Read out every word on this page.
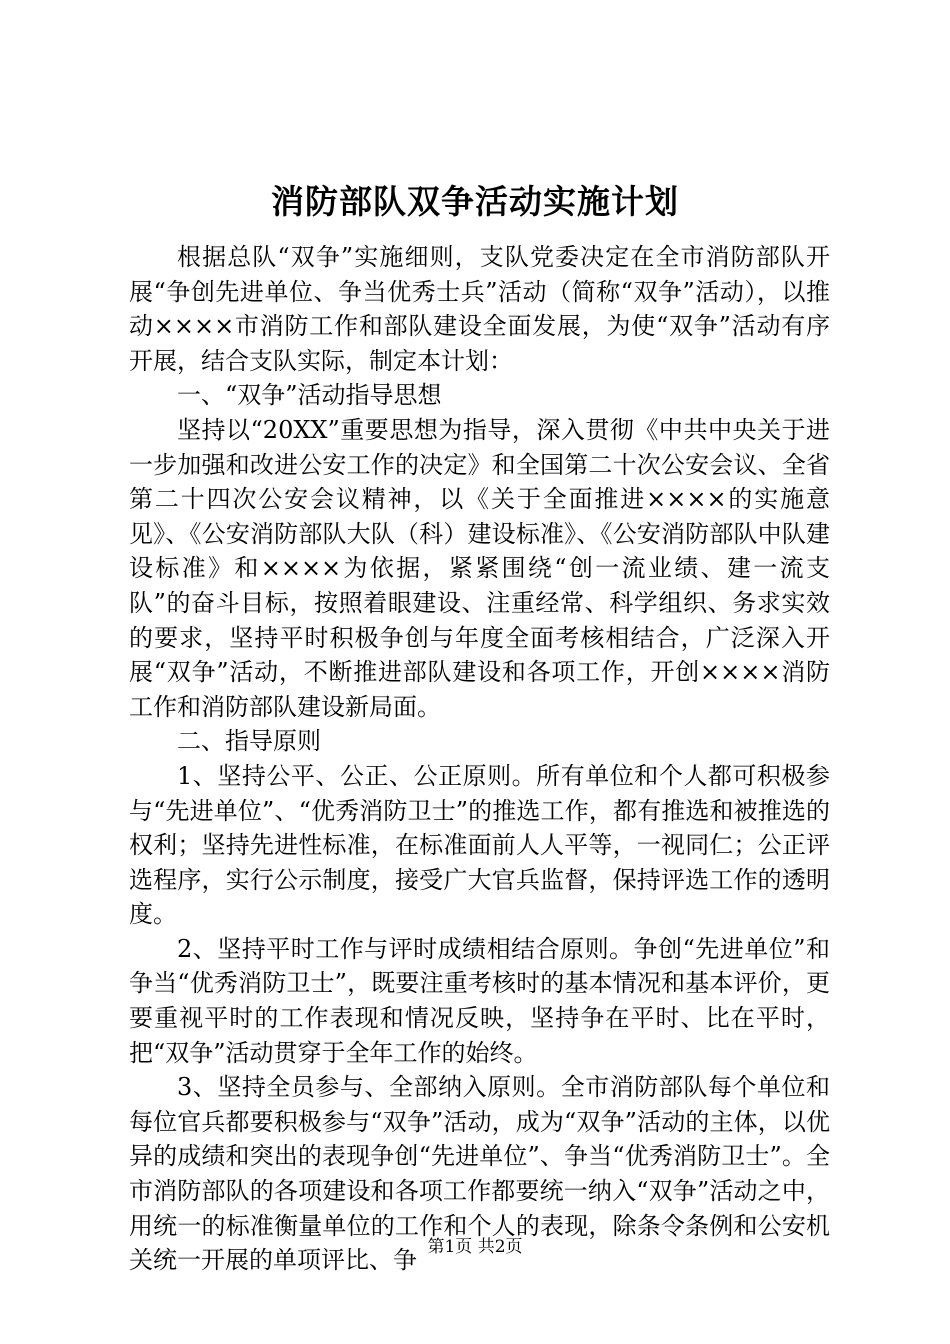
消防部队双争活动实施计划

根据总队“双争”实施细则，支队党委决定在全市消防部队开展“争创先进单位、争当优秀士兵”活动（简称“双争”活动），以推动××××市消防工作和部队建设全面发展，为使“双争”活动有序开展，结合支队实际，制定本计划：

一、“双争”活动指导思想

坚持以“20XX”重要思想为指导，深入贯彻《中共中央关于进一步加强和改进公安工作的决定》和全国第二十次公安会议、全省第二十四次公安会议精神，以《关于全面推进××××的实施意见》、《公安消防部队大队（科）建设标准》、《公安消防部队中队建设标准》和××××为依据，紧紧围绕“创一流业绩、建一流支队”的奋斗目标，按照着眼建设、注重经常、科学组织、务求实效的要求，坚持平时积极争创与年度全面考核相结合，广泛深入开展“双争”活动，不断推进部队建设和各项工作，开创××××消防工作和消防部队建设新局面。

二、指导原则

1、坚持公平、公正、公正原则。所有单位和个人都可积极参与“先进单位”、“优秀消防卫士”的推选工作，都有推选和被推选的权利；坚持先进性标准，在标准面前人人平等，一视同仁；公正评选程序，实行公示制度，接受广大官兵监督，保持评选工作的透明度。

2、坚持平时工作与评时成绩相结合原则。争创“先进单位”和争当“优秀消防卫士”，既要注重考核时的基本情况和基本评价，更要重视平时的工作表现和情况反映，坚持争在平时、比在平时，把“双争”活动贯穿于全年工作的始终。

3、坚持全员参与、全部纳入原则。全市消防部队每个单位和每位官兵都要积极参与“双争”活动，成为“双争”活动的主体，以优异的成绩和突出的表现争创“先进单位”、争当“优秀消防卫士”。全市消防部队的各项建设和各项工作都要统一纳入“双争”活动之中，用统一的标准衡量单位的工作和个人的表现，除条令条例和公安机关统一开展的单项评比、争 第1页 共2页
